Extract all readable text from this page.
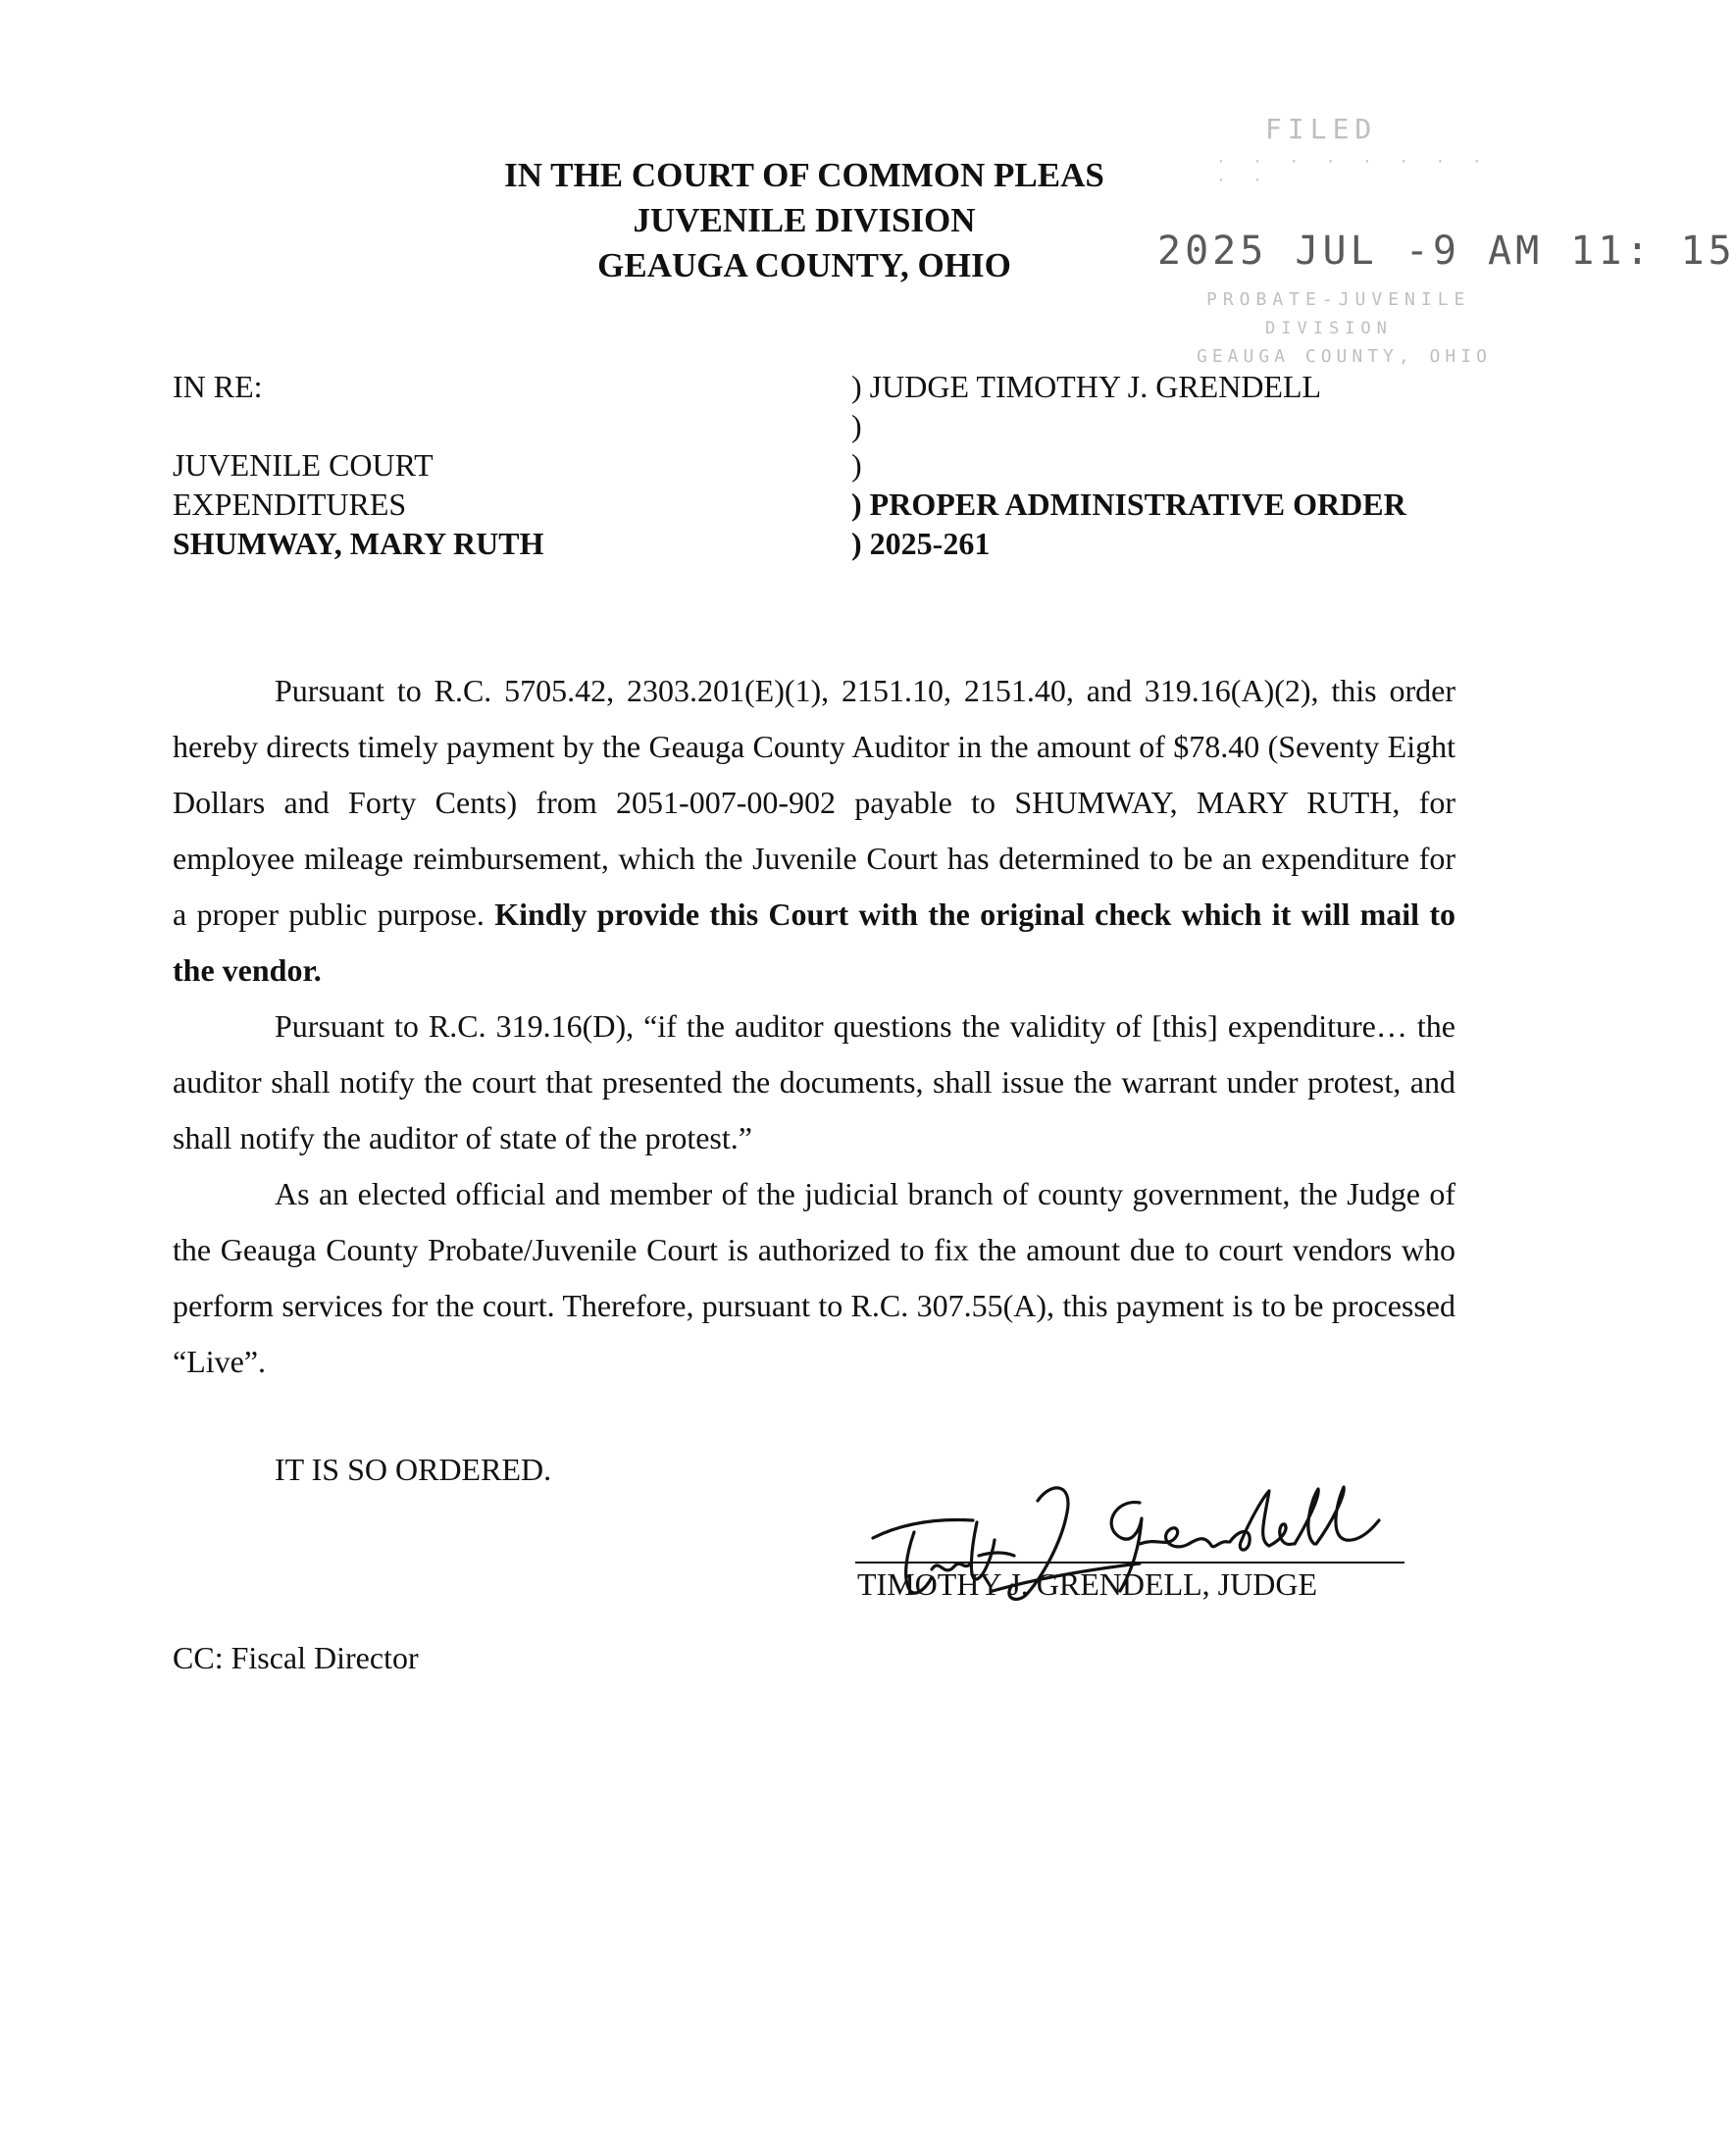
IN THE COURT OF COMMON PLEAS
JUVENILE DIVISION
GEAUGA COUNTY, OHIO
FILED
· · · · · · · · · ·
2025 JUL -9 AM 11: 15
PROBATE-JUVENILE
DIVISION
GEAUGA COUNTY, OHIO
IN RE:
JUVENILE COURT
EXPENDITURES
SHUMWAY, MARY RUTH
) JUDGE TIMOTHY J. GRENDELL
)
)
) PROPER ADMINISTRATIVE ORDER
) 2025-261

Pursuant to R.C. 5705.42, 2303.201(E)(1), 2151.10, 2151.40, and 319.16(A)(2), this order hereby directs timely payment by the Geauga County Auditor in the amount of $78.40 (Seventy Eight Dollars and Forty Cents) from 2051-007-00-902 payable to SHUMWAY, MARY RUTH, for employee mileage reimbursement, which the Juvenile Court has determined to be an expenditure for a proper public purpose. Kindly provide this Court with the original check which it will mail to the vendor.

Pursuant to R.C. 319.16(D), “if the auditor questions the validity of [this] expenditure… the auditor shall notify the court that presented the documents, shall issue the warrant under protest, and shall notify the auditor of state of the protest.”

As an elected official and member of the judicial branch of county government, the Judge of the Geauga County Probate/Juvenile Court is authorized to fix the amount due to court vendors who perform services for the court. Therefore, pursuant to R.C. 307.55(A), this payment is to be processed “Live”.

IT IS SO ORDERED.
TIMOTHY J. GRENDELL, JUDGE
CC: Fiscal Director
